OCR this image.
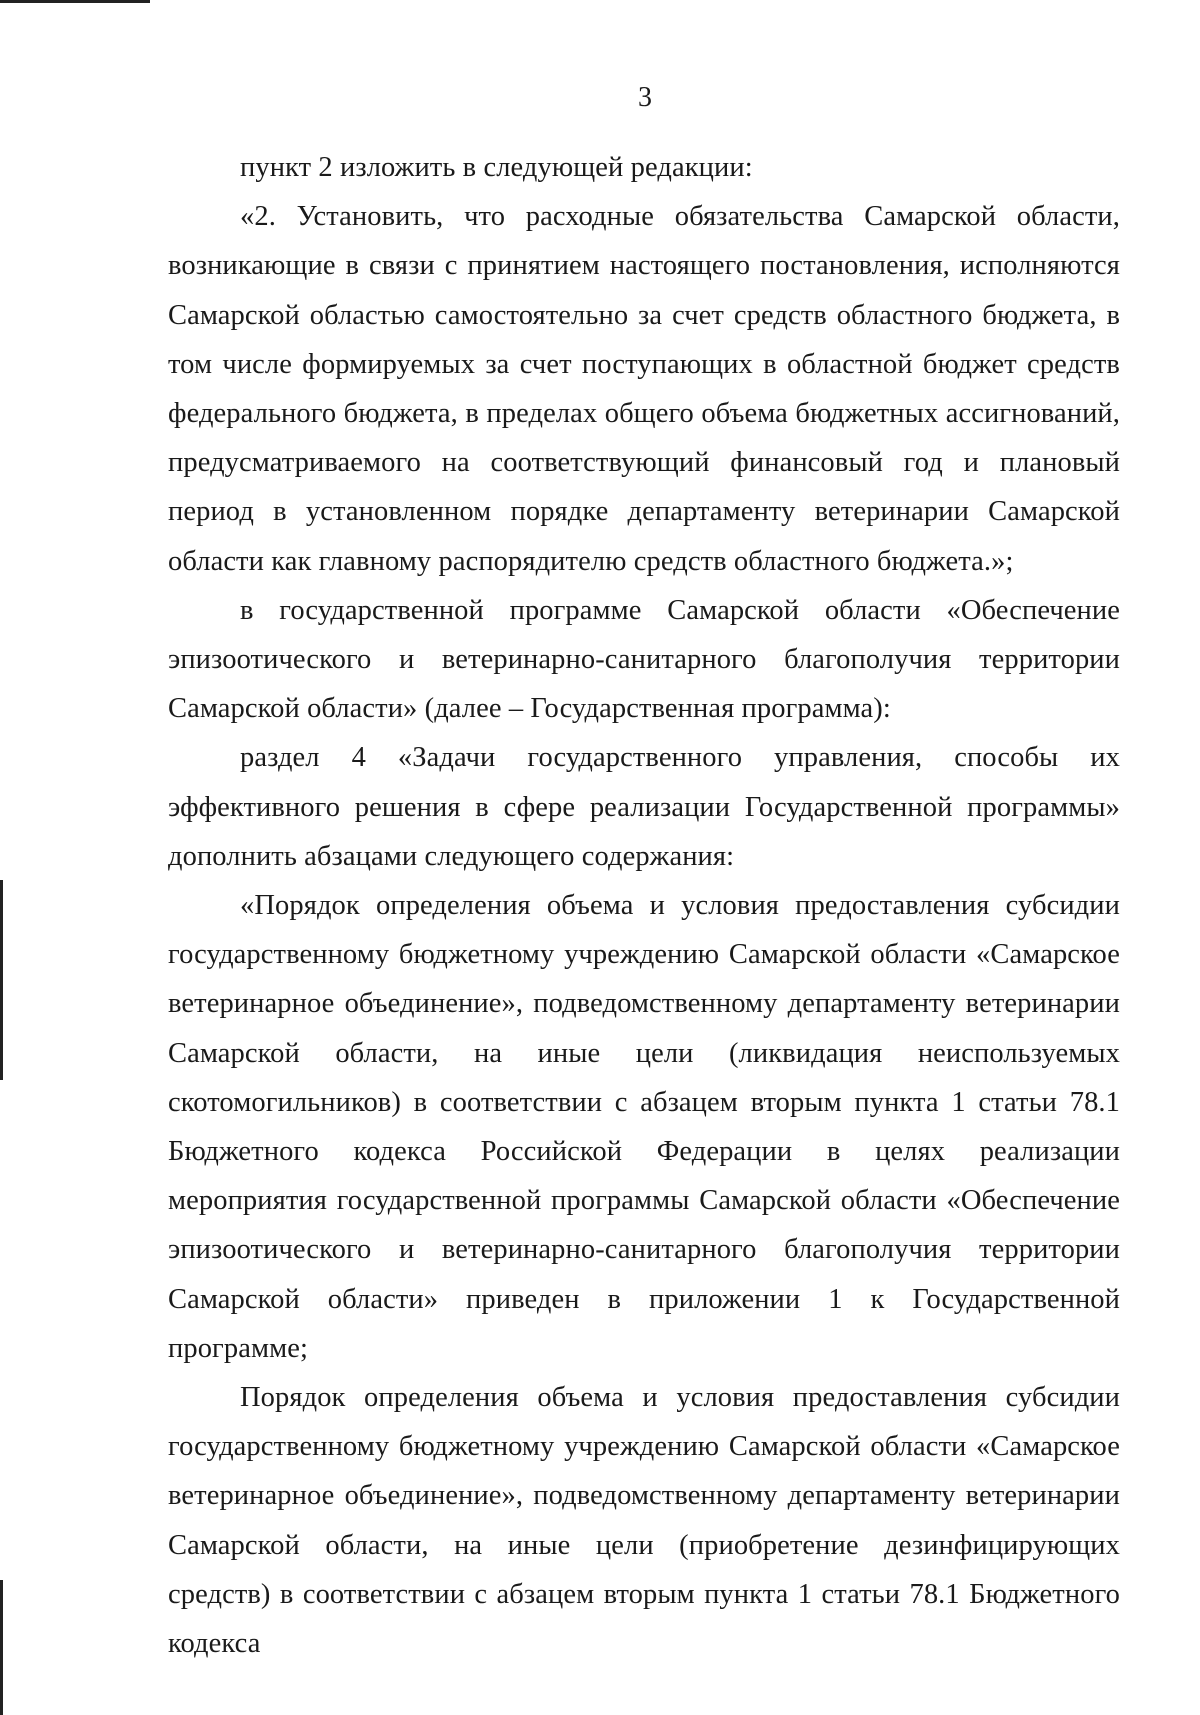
3

пункт 2 изложить в следующей редакции:

«2. Установить, что расходные обязательства Самарской области, возникающие в связи с принятием настоящего постановления, исполняются Самарской областью самостоятельно за счет средств областного бюджета, в том числе формируемых за счет поступающих в областной бюджет средств федерального бюджета, в пределах общего объема бюджетных ассигнований, предусматриваемого на соответствующий финансовый год и плановый период в установленном порядке департаменту ветеринарии Самарской области как главному распорядителю средств областного бюджета.»;

в государственной программе Самарской области «Обеспечение эпизоотического и ветеринарно-санитарного благополучия территории Самарской области» (далее – Государственная программа):

раздел 4 «Задачи государственного управления, способы их эффективного решения в сфере реализации Государственной программы» дополнить абзацами следующего содержания:

«Порядок определения объема и условия предоставления субсидии государственному бюджетному учреждению Самарской области «Самарское ветеринарное объединение», подведомственному департаменту ветеринарии Самарской области, на иные цели (ликвидация неиспользуемых скотомогильников) в соответствии с абзацем вторым пункта 1 статьи 78.1 Бюджетного кодекса Российской Федерации в целях реализации мероприятия государственной программы Самарской области «Обеспечение эпизоотического и ветеринарно-санитарного благополучия территории Самарской области» приведен в приложении 1 к Государственной программе;

Порядок определения объема и условия предоставления субсидии государственному бюджетному учреждению Самарской области «Самарское ветеринарное объединение», подведомственному департаменту ветеринарии Самарской области, на иные цели (приобретение дезинфицирующих средств) в соответствии с абзацем вторым пункта 1 статьи 78.1 Бюджетного кодекса
